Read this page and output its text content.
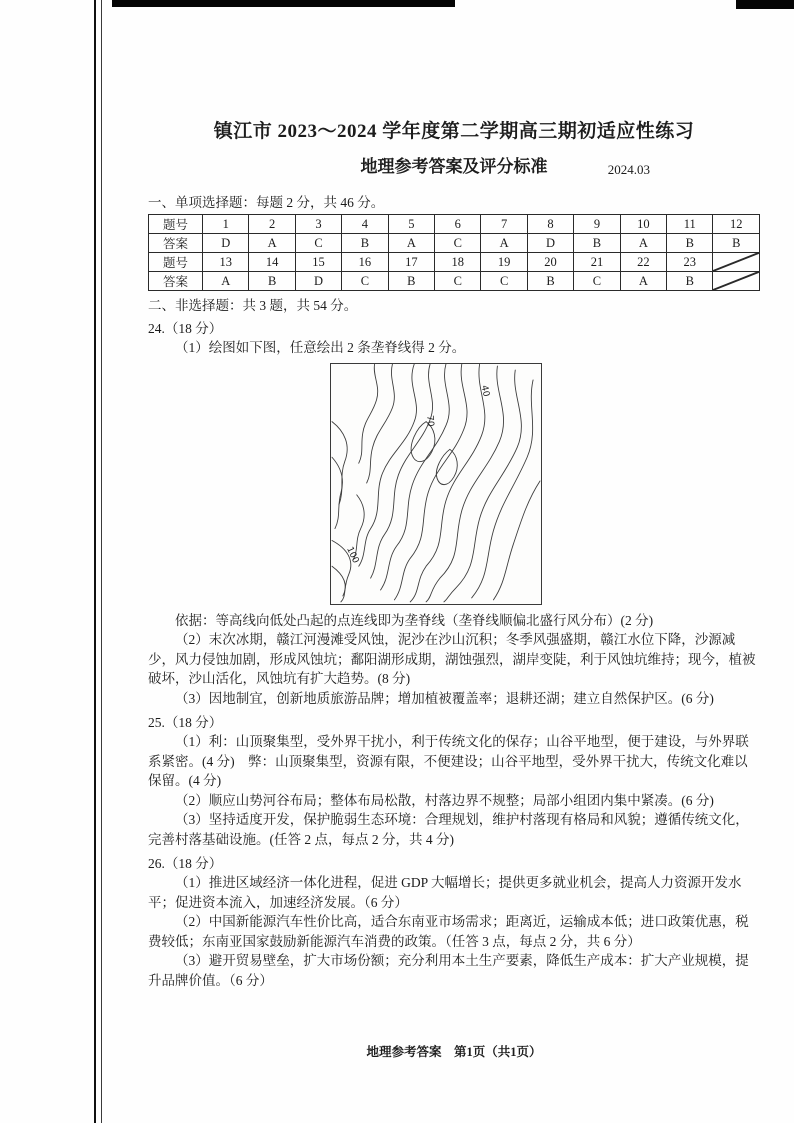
镇江市 2023～2024 学年度第二学期高三期初适应性练习
地理参考答案及评分标准	2024.03
一、单项选择题：每题 2 分，共 46 分。
题号	1	2	3	4	5	6	7	8	9	10	11	12
答案	D	A	C	B	A	C	A	D	B	A	B	B
题号	13	14	15	16	17	18	19	20	21	22	23	

答案	A	B	D	C	B	C	C	B	C	A	B	
二、非选择题：共 3 题，共 54 分。
24.（18 分）

（1）绘图如下图，任意绘出 2 条垄脊线得 2 分。

40
70
100

依据：等高线向低处凸起的点连线即为垄脊线（垄脊线顺偏北盛行风分布）(2 分)

（2）末次冰期，赣江河漫滩受风蚀，泥沙在沙山沉积；冬季风强盛期，赣江水位下降，沙源减少，风力侵蚀加剧，形成风蚀坑；鄱阳湖形成期，湖蚀强烈，湖岸变陡，利于风蚀坑维持；现今，植被破坏，沙山活化，风蚀坑有扩大趋势。(8 分)

（3）因地制宜，创新地质旅游品牌；增加植被覆盖率；退耕还湖；建立自然保护区。(6 分)

25.（18 分）

（1）利：山顶聚集型，受外界干扰小，利于传统文化的保存；山谷平地型，便于建设，与外界联系紧密。(4 分)　弊：山顶聚集型，资源有限，不便建设；山谷平地型，受外界干扰大，传统文化难以保留。(4 分)

（2）顺应山势河谷布局；整体布局松散，村落边界不规整；局部小组团内集中紧凑。(6 分)

（3）坚持适度开发，保护脆弱生态环境：合理规划，维护村落现有格局和风貌；遵循传统文化，完善村落基础设施。(任答 2 点，每点 2 分，共 4 分)

26.（18 分）

（1）推进区域经济一体化进程，促进 GDP 大幅增长；提供更多就业机会，提高人力资源开发水平；促进资本流入，加速经济发展。（6 分）

（2）中国新能源汽车性价比高，适合东南亚市场需求；距离近，运输成本低；进口政策优惠，税费较低；东南亚国家鼓励新能源汽车消费的政策。（任答 3 点，每点 2 分，共 6 分）

（3）避开贸易壁垒，扩大市场份额；充分利用本土生产要素，降低生产成本：扩大产业规模，提升品牌价值。（6 分）

地理参考答案　第1页（共1页）
